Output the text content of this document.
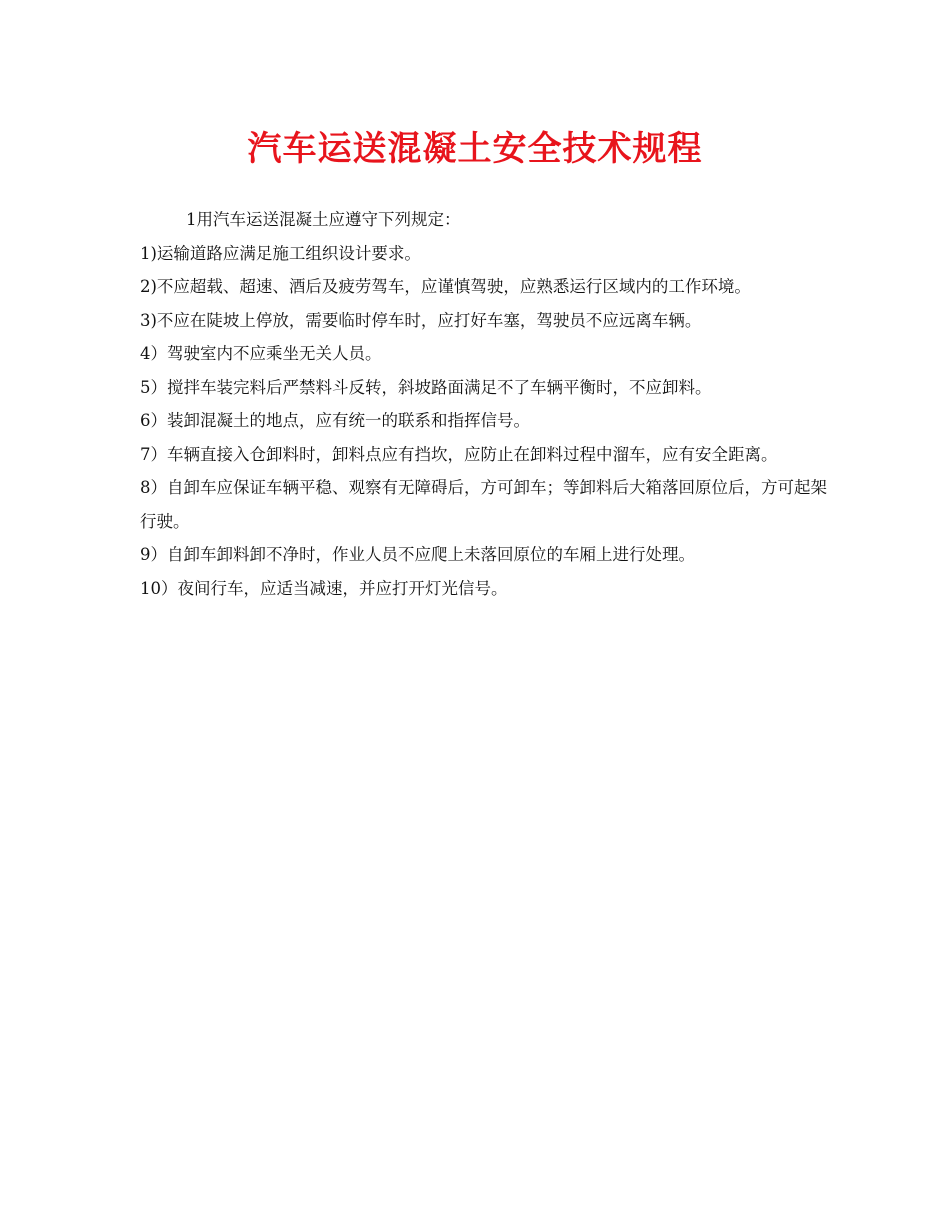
汽车运送混凝土安全技术规程

1用汽车运送混凝土应遵守下列规定：

1)运输道路应满足施工组织设计要求。

2)不应超载、超速、酒后及疲劳驾车，应谨慎驾驶，应熟悉运行区域内的工作环境。

3)不应在陡坡上停放，需要临时停车时，应打好车塞，驾驶员不应远离车辆。

4）驾驶室内不应乘坐无关人员。

5）搅拌车装完料后严禁料斗反转，斜坡路面满足不了车辆平衡时，不应卸料。

6）装卸混凝土的地点，应有统一的联系和指挥信号。

7）车辆直接入仓卸料时，卸料点应有挡坎，应防止在卸料过程中溜车，应有安全距离。

8）自卸车应保证车辆平稳、观察有无障碍后，方可卸车；等卸料后大箱落回原位后，方可起架行驶。

9）自卸车卸料卸不净时，作业人员不应爬上未落回原位的车厢上进行处理。

10）夜间行车，应适当减速，并应打开灯光信号。
